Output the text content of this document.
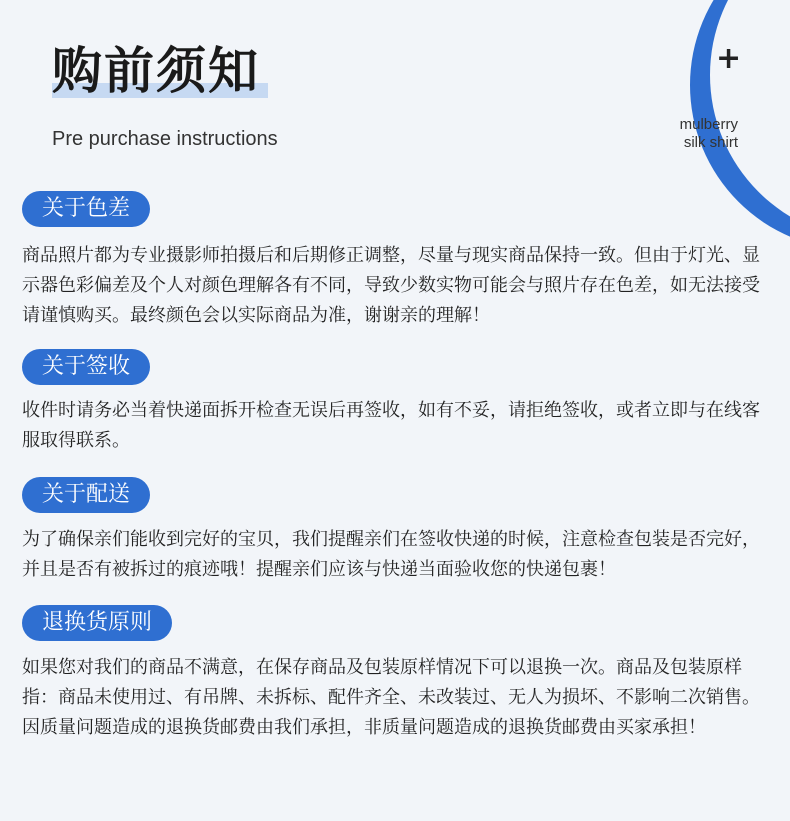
购前须知
Pre purchase instructions
+
mulberry
silk shirt
关于色差

商品照片都为专业摄影师拍摄后和后期修正调整，尽量与现实商品保持一致。但由于灯光、显示器色彩偏差及个人对颜色理解各有不同，导致少数实物可能会与照片存在色差，如无法接受请谨慎购买。最终颜色会以实际商品为准，谢谢亲的理解！

关于签收

收件时请务必当着快递面拆开检查无误后再签收，如有不妥，请拒绝签收，或者立即与在线客服取得联系。

关于配送

为了确保亲们能收到完好的宝贝，我们提醒亲们在签收快递的时候，注意检查包装是否完好，并且是否有被拆过的痕迹哦！提醒亲们应该与快递当面验收您的快递包裹！

退换货原则

如果您对我们的商品不满意，在保存商品及包装原样情况下可以退换一次。商品及包装原样指：商品未使用过、有吊牌、未拆标、配件齐全、未改装过、无人为损坏、不影响二次销售。因质量问题造成的退换货邮费由我们承担，非质量问题造成的退换货邮费由买家承担！
